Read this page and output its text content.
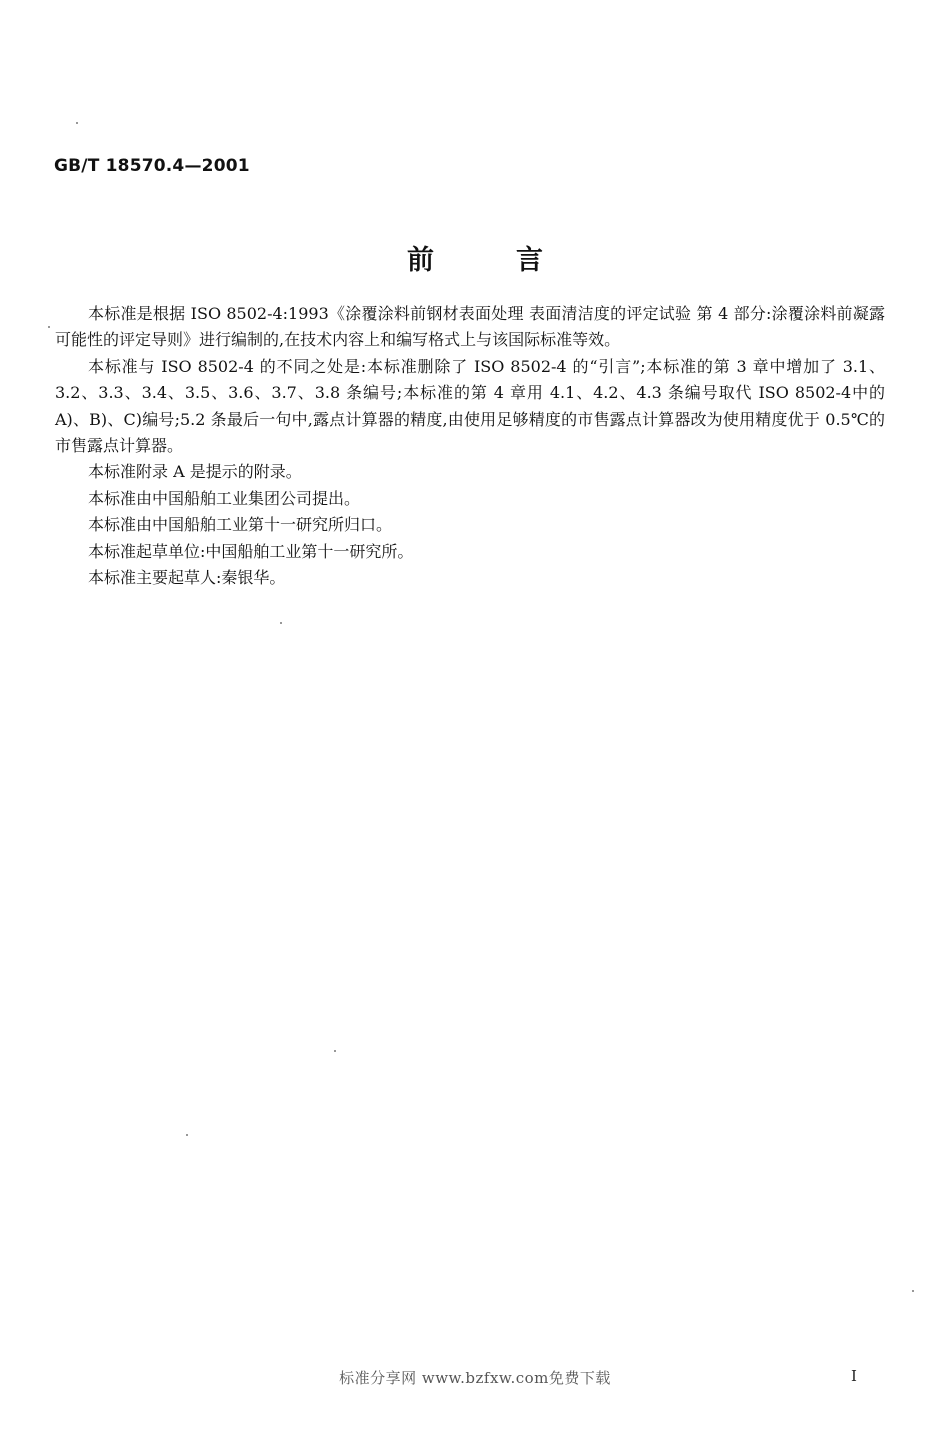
GB/T 18570.4—2001
前	言

本标准是根据 ISO 8502-4:1993《涂覆涂料前钢材表面处理 表面清洁度的评定试验 第 4 部分:涂覆涂料前凝露可能性的评定导则》进行编制的,在技术内容上和编写格式上与该国际标准等效。

本标准与 ISO 8502-4 的不同之处是:本标准删除了 ISO 8502-4 的“引言”;本标准的第 3 章中增加了 3.1、3.2、3.3、3.4、3.5、3.6、3.7、3.8 条编号;本标准的第 4 章用 4.1、4.2、4.3 条编号取代 ISO 8502-4中的 A)、B)、C)编号;5.2 条最后一句中,露点计算器的精度,由使用足够精度的市售露点计算器改为使用精度优于 0.5℃的市售露点计算器。

本标准附录 A 是提示的附录。

本标准由中国船舶工业集团公司提出。

本标准由中国船舶工业第十一研究所归口。

本标准起草单位:中国船舶工业第十一研究所。

本标准主要起草人:秦银华。

标准分享网 www.bzfxw.com免费下载	I
